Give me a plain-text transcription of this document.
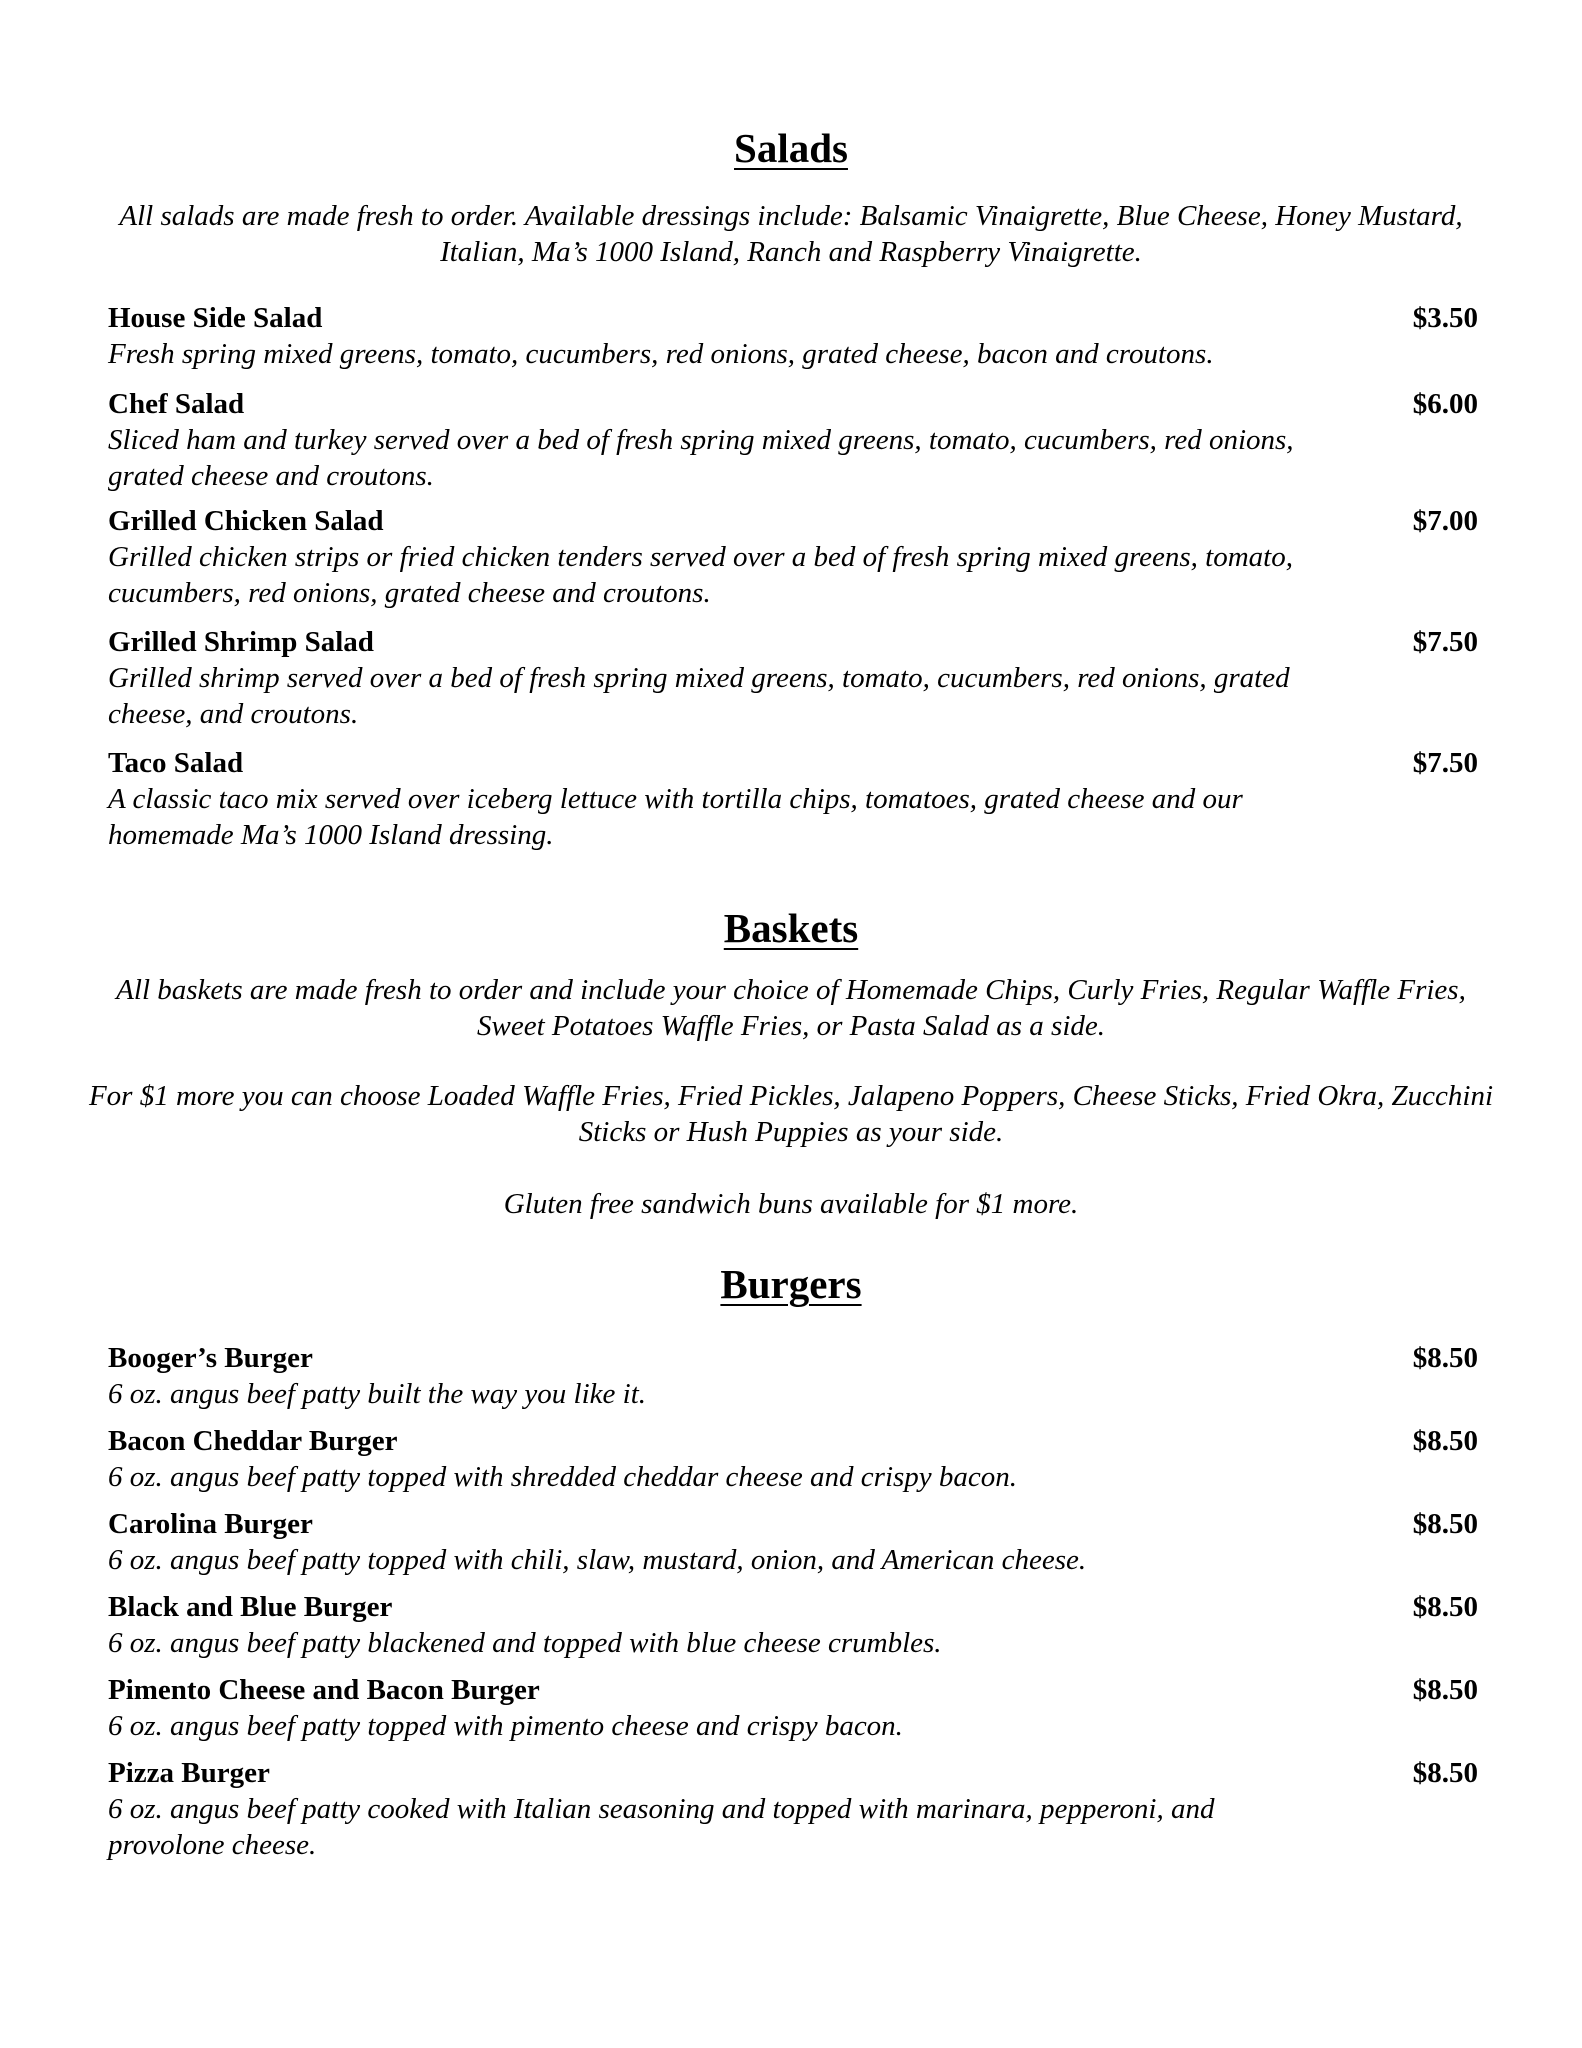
Salads

All salads are made fresh to order. Available dressings include: Balsamic Vinaigrette, Blue Cheese, Honey Mustard, Italian, Ma’s 1000 Island, Ranch and Raspberry Vinaigrette.

House Side Salad	$3.50
Fresh spring mixed greens, tomato, cucumbers, red onions, grated cheese, bacon and croutons.
Chef Salad	$6.00
Sliced ham and turkey served over a bed of fresh spring mixed greens, tomato, cucumbers, red onions, grated cheese and croutons.
Grilled Chicken Salad	$7.00
Grilled chicken strips or fried chicken tenders served over a bed of fresh spring mixed greens, tomato, cucumbers, red onions, grated cheese and croutons.
Grilled Shrimp Salad	$7.50
Grilled shrimp served over a bed of fresh spring mixed greens, tomato, cucumbers, red onions, grated cheese, and croutons.
Taco Salad	$7.50
A classic taco mix served over iceberg lettuce with tortilla chips, tomatoes, grated cheese and our homemade Ma’s 1000 Island dressing.
Baskets

All baskets are made fresh to order and include your choice of Homemade Chips, Curly Fries, Regular Waffle Fries, Sweet Potatoes Waffle Fries, or Pasta Salad as a side.

For $1 more you can choose Loaded Waffle Fries, Fried Pickles, Jalapeno Poppers, Cheese Sticks, Fried Okra, Zucchini Sticks or Hush Puppies as your side.

Gluten free sandwich buns available for $1 more.

Burgers
Booger’s Burger	$8.50
6 oz. angus beef patty built the way you like it.
Bacon Cheddar Burger	$8.50
6 oz. angus beef patty topped with shredded cheddar cheese and crispy bacon.
Carolina Burger	$8.50
6 oz. angus beef patty topped with chili, slaw, mustard, onion, and American cheese.
Black and Blue Burger	$8.50
6 oz. angus beef patty blackened and topped with blue cheese crumbles.
Pimento Cheese and Bacon Burger	$8.50
6 oz. angus beef patty topped with pimento cheese and crispy bacon.
Pizza Burger	$8.50
6 oz. angus beef patty cooked with Italian seasoning and topped with marinara, pepperoni, and provolone cheese.
